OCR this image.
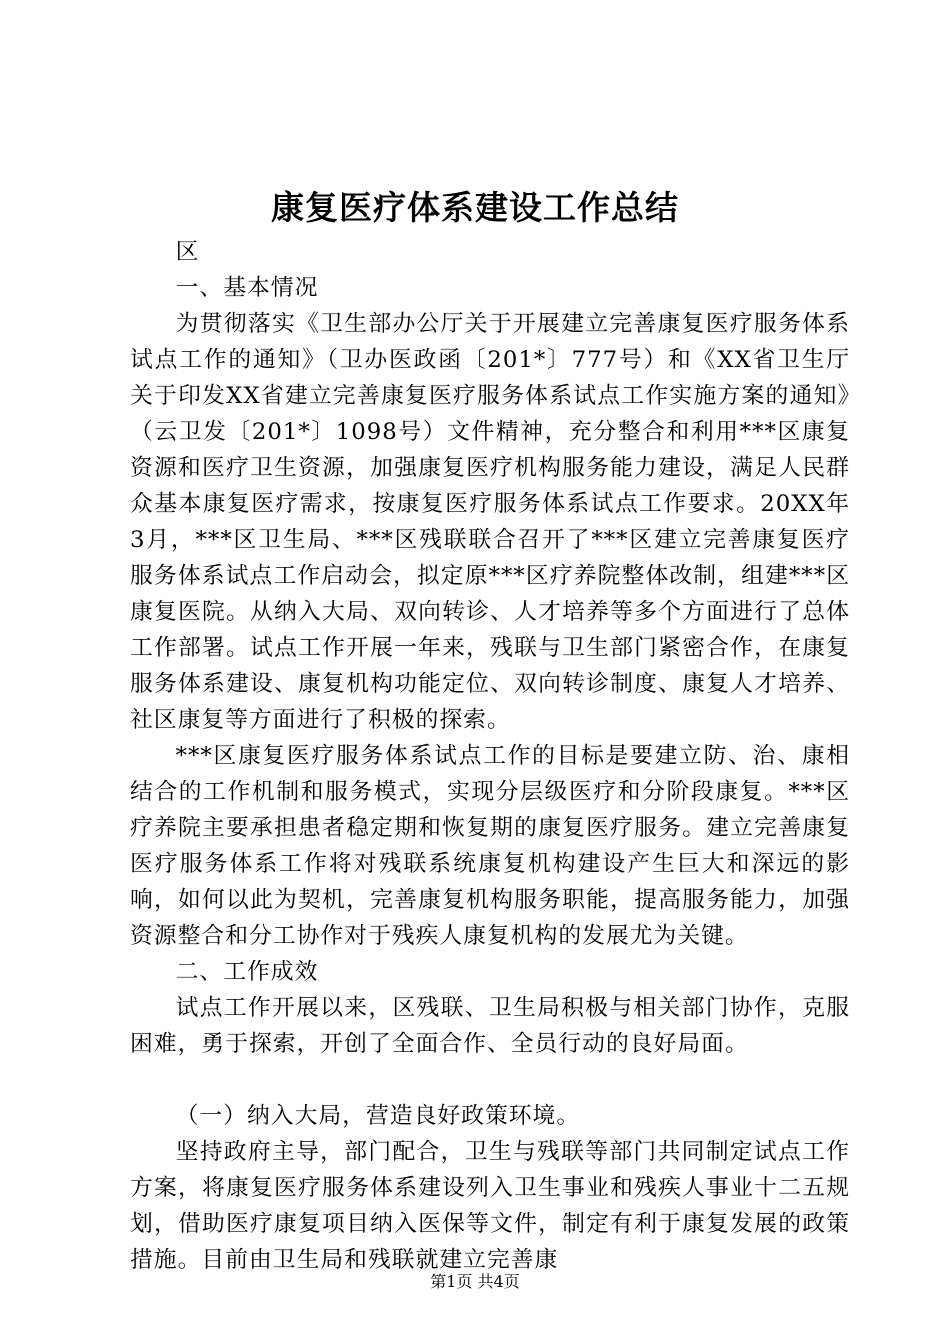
康复医疗体系建设工作总结

区

一、基本情况

为贯彻落实《卫生部办公厅关于开展建立完善康复医疗服务体系试点工作的通知》（卫办医政函〔201*〕777号）和《XX省卫生厅关于印发XX省建立完善康复医疗服务体系试点工作实施方案的通知》（云卫发〔201*〕1098号）文件精神，充分整合和利用***区康复资源和医疗卫生资源，加强康复医疗机构服务能力建设，满足人民群众基本康复医疗需求，按康复医疗服务体系试点工作要求。20XX年3月，***区卫生局、***区残联联合召开了***区建立完善康复医疗服务体系试点工作启动会，拟定原***区疗养院整体改制，组建***区康复医院。从纳入大局、双向转诊、人才培养等多个方面进行了总体工作部署。试点工作开展一年来，残联与卫生部门紧密合作，在康复服务体系建设、康复机构功能定位、双向转诊制度、康复人才培养、社区康复等方面进行了积极的探索。

***区康复医疗服务体系试点工作的目标是要建立防、治、康相结合的工作机制和服务模式，实现分层级医疗和分阶段康复。***区疗养院主要承担患者稳定期和恢复期的康复医疗服务。建立完善康复医疗服务体系工作将对残联系统康复机构建设产生巨大和深远的影响，如何以此为契机，完善康复机构服务职能，提高服务能力，加强资源整合和分工协作对于残疾人康复机构的发展尤为关键。

二、工作成效

试点工作开展以来，区残联、卫生局积极与相关部门协作，克服困难，勇于探索，开创了全面合作、全员行动的良好局面。

（一）纳入大局，营造良好政策环境。

坚持政府主导，部门配合，卫生与残联等部门共同制定试点工作方案，将康复医疗服务体系建设列入卫生事业和残疾人事业十二五规划，借助医疗康复项目纳入医保等文件，制定有利于康复发展的政策措施。目前由卫生局和残联就建立完善康

第1页 共4页
